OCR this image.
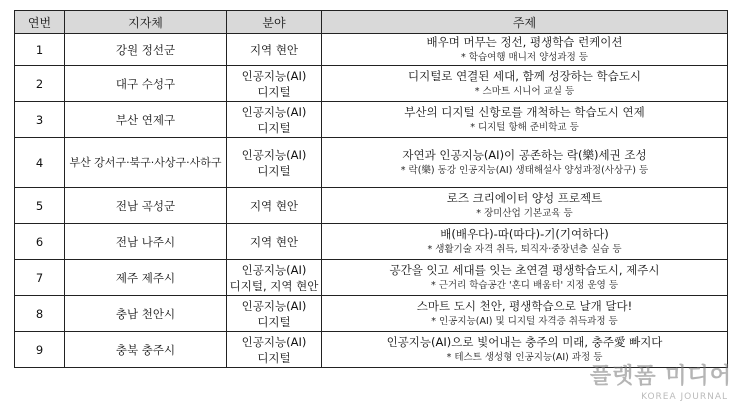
연번	지자체	분야	주제
1	강원 정선군	지역 현안	배우며 머무는 정선, 평생학습 런케이션
* 학습여행 매니저 양성과정 등

2	대구 수성구	인공지능(AI)
디지털	디지털로 연결된 세대, 함께 성장하는 학습도시
* 스마트 시니어 교실 등

3	부산 연제구	인공지능(AI)
디지털	부산의 디지털 신항로를 개척하는 학습도시 연제
* 디지털 항해 준비학교 등

4	부산 강서구·북구·사상구·사하구	인공지능(AI)
디지털	자연과 인공지능(AI)이 공존하는 락(樂)세권 조성
* 락(樂) 동강 인공지능(AI) 생태해설사 양성과정(사상구) 등

5	전남 곡성군	지역 현안	로즈 크리에이터 양성 프로젝트
* 장미산업 기본교육 등

6	전남 나주시	지역 현안	배(배우다)-따(따다)-기(기여하다)
* 생활기술 자격 취득, 퇴직자·중장년층 실습 등

7	제주 제주시	인공지능(AI)
디지털, 지역 현안	공간을 잇고 세대를 잇는 초연결 평생학습도시, 제주시
* 근거리 학습공간 '혼디 배움터' 지정 운영 등

8	충남 천안시	인공지능(AI)
디지털	스마트 도시 천안, 평생학습으로 날개 달다!
* 인공지능(AI) 및 디지털 자격증 취득과정 등

9	충북 충주시	인공지능(AI)
디지털	인공지능(AI)으로 빛어내는 충주의 미래, 충주愛 빠지다
* 테스트 생성형 인공지능(AI) 과정 등
플랫폼 미디어
KOREA JOURNAL
